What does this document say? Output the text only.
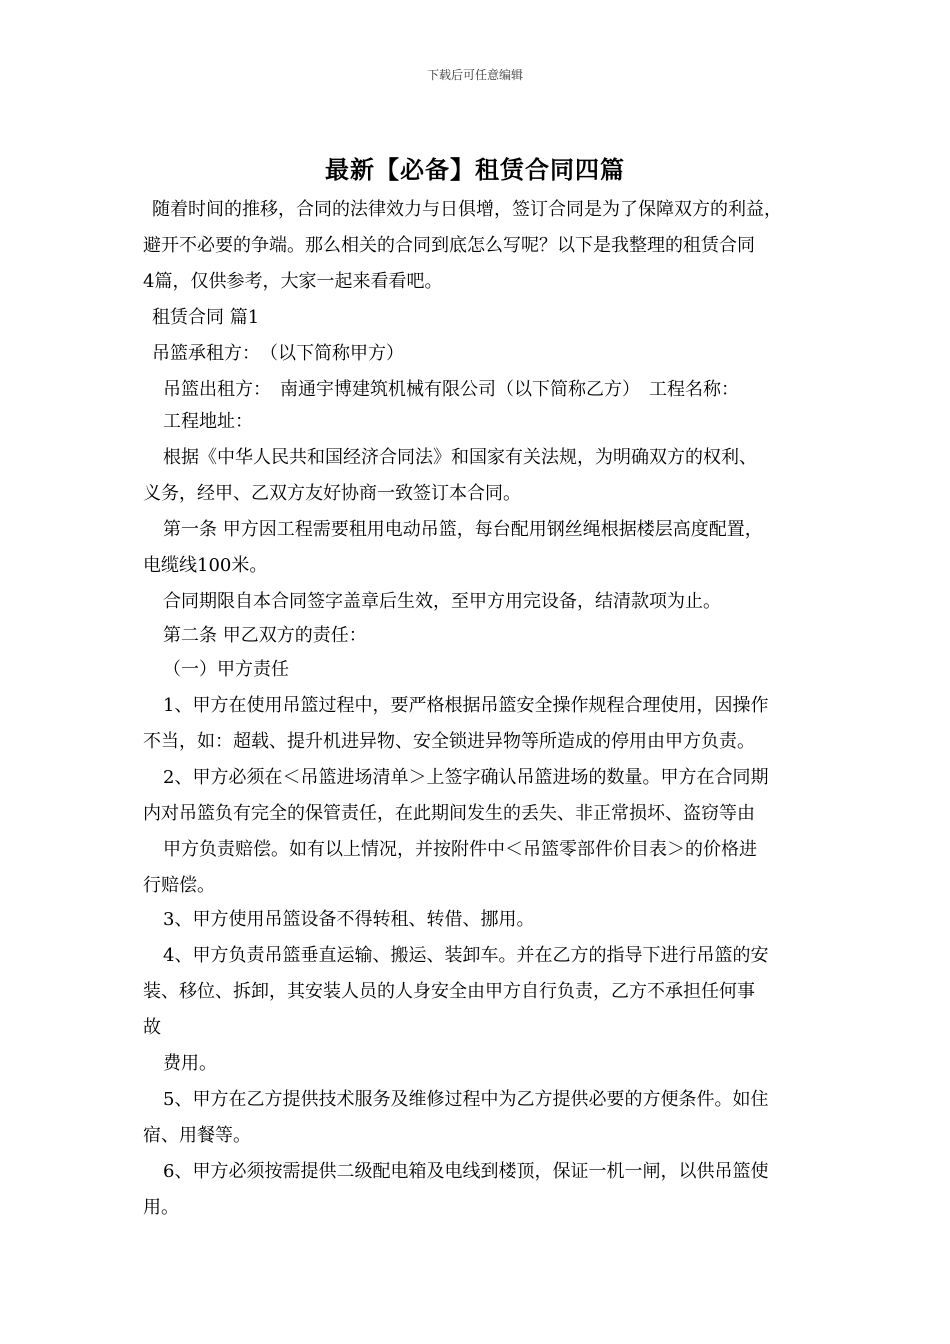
下载后可任意编辑
最新【必备】租赁合同四篇
随着时间的推移，合同的法律效力与日俱增，签订合同是为了保障双方的利益，
避开不必要的争端。那么相关的合同到底怎么写呢？以下是我整理的租赁合同
4篇，仅供参考，大家一起来看看吧。
租赁合同 篇1
吊篮承租方：　（以下简称甲方）
吊篮出租方：　南通宇博建筑机械有限公司（以下简称乙方）　工程名称：
工程地址：
根据《中华人民共和国经济合同法》和国家有关法规，为明确双方的权利、
义务，经甲、乙双方友好协商一致签订本合同。
第一条 甲方因工程需要租用电动吊篮，每台配用钢丝绳根据楼层高度配置，
电缆线100米。
合同期限自本合同签字盖章后生效，至甲方用完设备，结清款项为止。
第二条 甲乙双方的责任：
（一）甲方责任
1、甲方在使用吊篮过程中，要严格根据吊篮安全操作规程合理使用，因操作
不当，如：超载、提升机进异物、安全锁进异物等所造成的停用由甲方负责。
2、甲方必须在＜吊篮进场清单＞上签字确认吊篮进场的数量。甲方在合同期
内对吊篮负有完全的保管责任，在此期间发生的丢失、非正常损坏、盗窃等由
甲方负责赔偿。如有以上情况，并按附件中＜吊篮零部件价目表＞的价格进
行赔偿。
3、甲方使用吊篮设备不得转租、转借、挪用。
4、甲方负责吊篮垂直运输、搬运、装卸车。并在乙方的指导下进行吊篮的安
装、移位、拆卸，其安装人员的人身安全由甲方自行负责，乙方不承担任何事
故
费用。
5、甲方在乙方提供技术服务及维修过程中为乙方提供必要的方便条件。如住
宿、用餐等。
6、甲方必须按需提供二级配电箱及电线到楼顶，保证一机一闸，以供吊篮使
用。
